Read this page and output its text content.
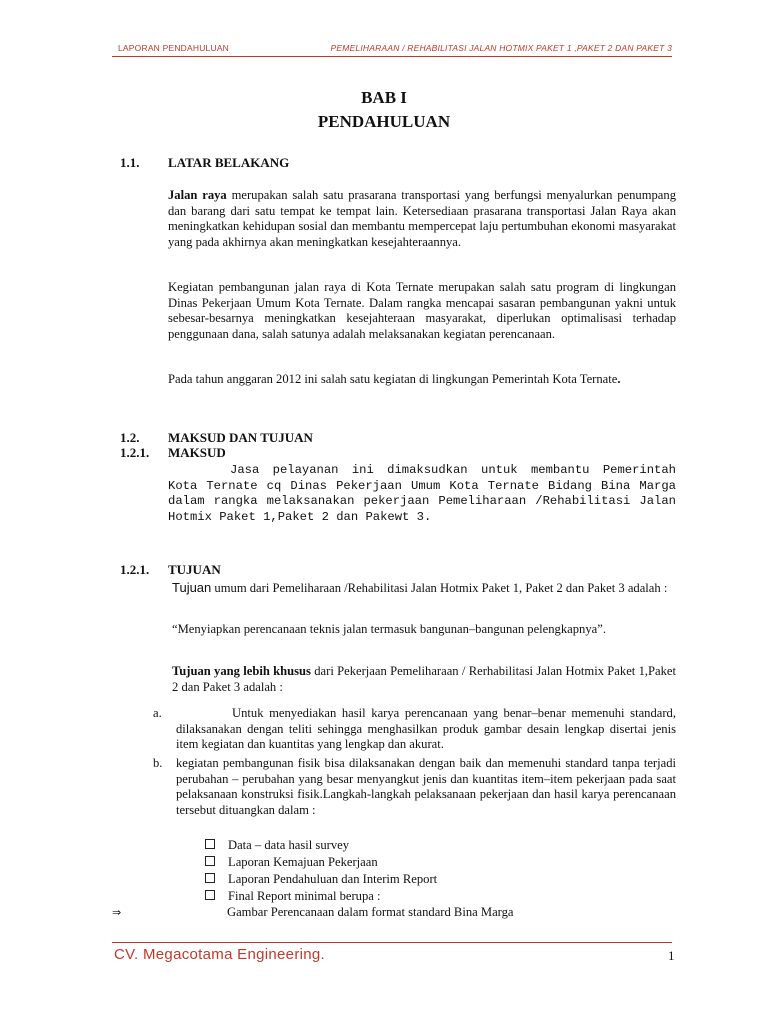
LAPORAN PENDAHULUAN	PEMELIHARAAN / REHABILITASI JALAN HOTMIX PAKET 1 ,PAKET 2 DAN PAKET 3
BAB I
PENDAHULUAN
1.1. LATAR BELAKANG

Jalan raya merupakan salah satu prasarana transportasi yang berfungsi menyalurkan penumpang dan barang dari satu tempat ke tempat lain. Ketersediaan prasarana transportasi Jalan Raya akan meningkatkan kehidupan sosial dan membantu mempercepat laju pertumbuhan ekonomi masyarakat yang pada akhirnya akan meningkatkan kesejahteraannya.

Kegiatan pembangunan jalan raya di Kota Ternate merupakan salah satu program di lingkungan Dinas Pekerjaan Umum Kota Ternate. Dalam rangka mencapai sasaran pembangunan yakni untuk sebesar-besarnya meningkatkan kesejahteraan masyarakat, diperlukan optimalisasi terhadap penggunaan dana, salah satunya adalah melaksanakan kegiatan perencanaan.

Pada tahun anggaran 2012 ini salah satu kegiatan di lingkungan Pemerintah Kota Ternate.

1.2. MAKSUD DAN TUJUAN
1.2.1. MAKSUD
Jasa pelayanan ini dimaksudkan untuk membantu Pemerintah Kota Ternate cq Dinas Pekerjaan Umum Kota Ternate Bidang Bina Marga dalam rangka melaksanakan pekerjaan Pemeliharaan /Rehabilitasi Jalan Hotmix Paket 1,Paket 2 dan Pakewt 3.
1.2.1. TUJUAN

Tujuan umum dari Pemeliharaan /Rehabilitasi Jalan Hotmix Paket 1, Paket 2 dan Paket 3 adalah :

“Menyiapkan perencanaan teknis jalan termasuk bangunan–bangunan pelengkapnya”.

Tujuan yang lebih khusus dari Pekerjaan Pemeliharaan / Rerhabilitasi Jalan Hotmix Paket 1,Paket 2 dan Paket 3 adalah :

a.	Untuk menyediakan hasil karya perencanaan yang benar–benar memenuhi standard, dilaksanakan dengan teliti sehingga menghasilkan produk gambar desain lengkap disertai jenis item kegiatan dan kuantitas yang lengkap dan akurat.

b. kegiatan pembangunan fisik bisa dilaksanakan dengan baik dan memenuhi standard tanpa terjadi perubahan – perubahan yang besar menyangkut jenis dan kuantitas item–item pekerjaan pada saat pelaksanaan konstruksi fisik.Langkah-langkah pelaksanaan pekerjaan dan hasil karya perencanaan tersebut dituangkan dalam :

Data – data hasil survey
Laporan Kemajuan Pekerjaan
Laporan Pendahuluan dan Interim Report
Final Report minimal berupa :
⇒	Gambar Perencanaan dalam format standard Bina Marga
CV. Megacotama Engineering.	1
